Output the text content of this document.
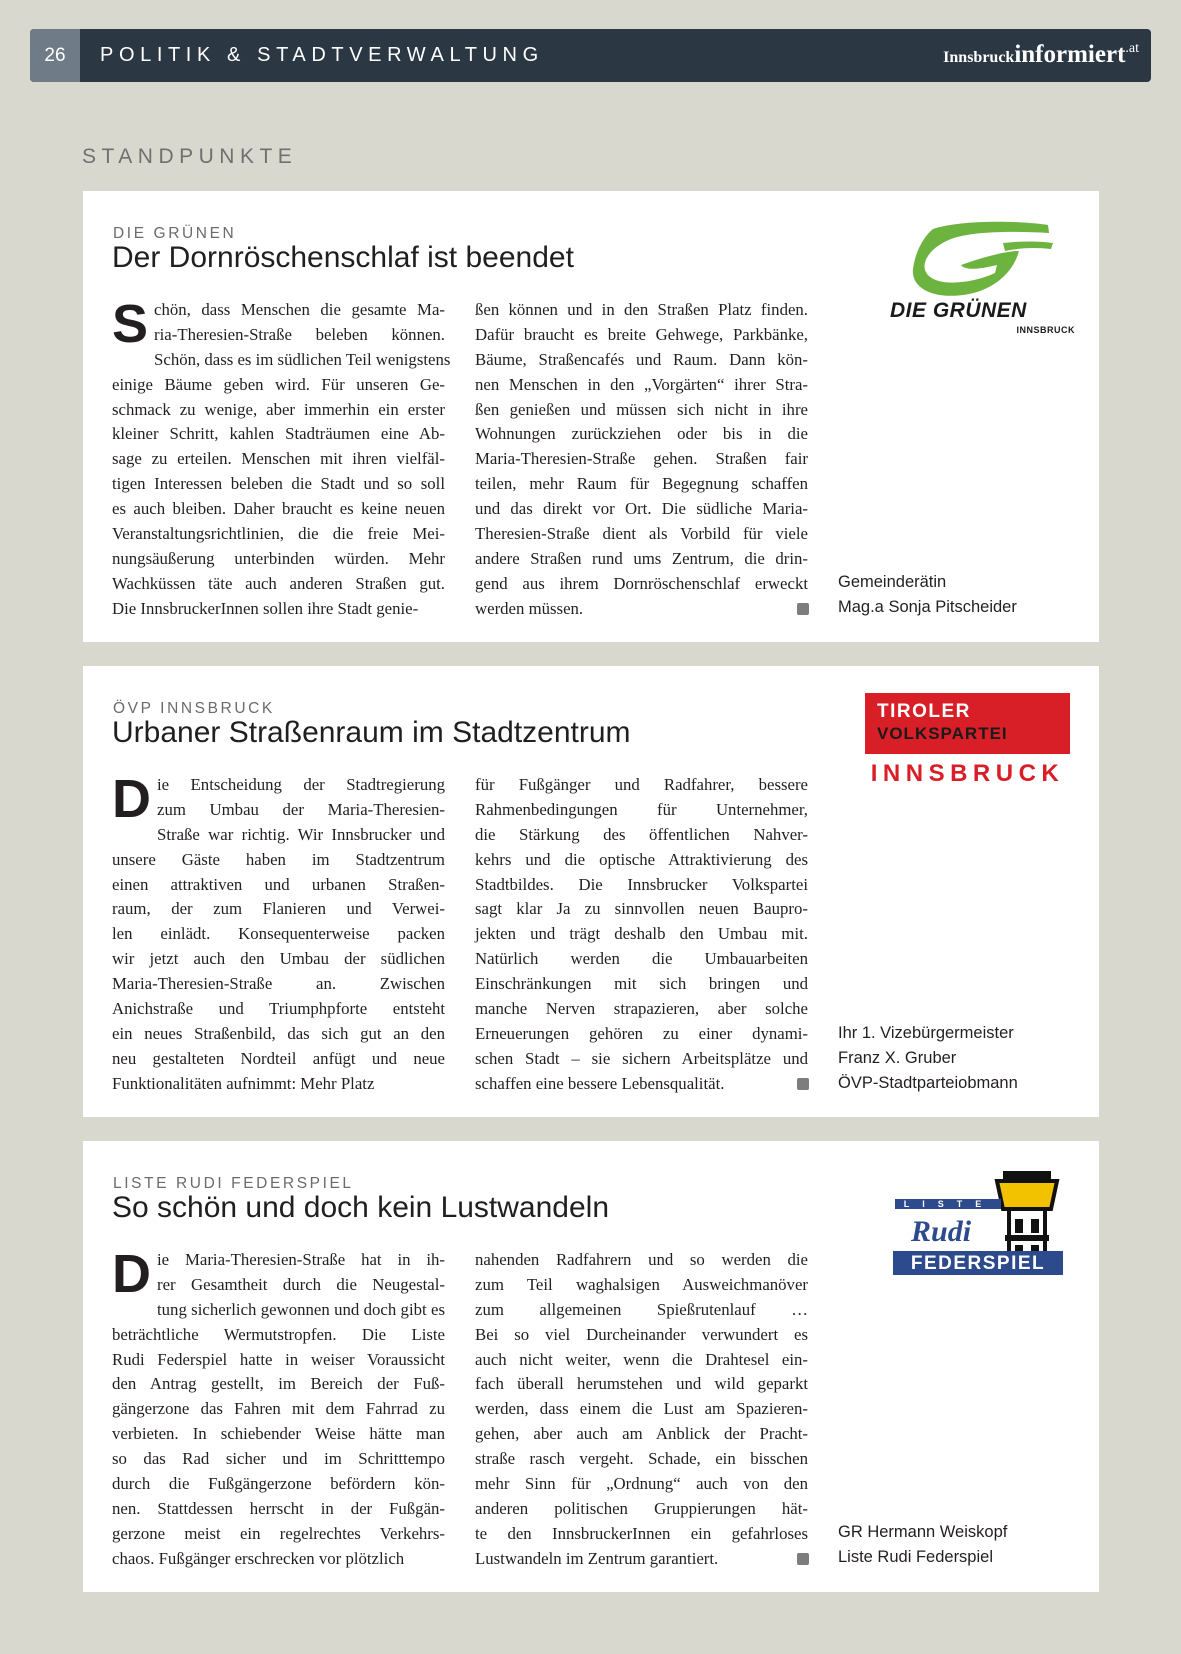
26	POLITIK & STADTVERWALTUNG	Innsbruckinformiert.at
STANDPUNKTE
DIE GRÜNEN
Der Dornröschenschlaf ist beendet
S chön, dass Menschen die gesamte Ma-
ria-Theresien-Straße beleben können.
Schön, dass es im südlichen Teil wenigstens
einige Bäume geben wird. Für unseren Ge-
schmack zu wenige, aber immerhin ein erster
kleiner Schritt, kahlen Stadträumen eine Ab-
sage zu erteilen. Menschen mit ihren vielfäl-
tigen Interessen beleben die Stadt und so soll
es auch bleiben. Daher braucht es keine neuen
Veranstaltungsrichtlinien, die die freie Mei-
nungsäußerung unterbinden würden. Mehr
Wachküssen täte auch anderen Straßen gut.
Die InnsbruckerInnen sollen ihre Stadt genie-
ßen können und in den Straßen Platz finden.
Dafür braucht es breite Gehwege, Parkbänke,
Bäume, Straßencafés und Raum. Dann kön-
nen Menschen in den „Vorgärten“ ihrer Stra-
ßen genießen und müssen sich nicht in ihre
Wohnungen zurückziehen oder bis in die
Maria-Theresien-Straße gehen. Straßen fair
teilen, mehr Raum für Begegnung schaffen
und das direkt vor Ort. Die südliche Maria-
Theresien-Straße dient als Vorbild für viele
andere Straßen rund ums Zentrum, die drin-
gend aus ihrem Dornröschenschlaf erweckt
werden müssen.
Gemeinderätin
Mag.a Sonja Pitscheider
DIE GRÜNEN
INNSBRUCK
ÖVP INNSBRUCK
Urbaner Straßenraum im Stadtzentrum
D ie Entscheidung der Stadtregierung
zum Umbau der Maria-Theresien-
Straße war richtig. Wir Innsbrucker und
unsere Gäste haben im Stadtzentrum
einen attraktiven und urbanen Straßen-
raum, der zum Flanieren und Verwei-
len einlädt. Konsequenterweise packen
wir jetzt auch den Umbau der südlichen
Maria-Theresien-Straße an. Zwischen
Anichstraße und Triumphpforte entsteht
ein neues Straßenbild, das sich gut an den
neu gestalteten Nordteil anfügt und neue
Funktionalitäten aufnimmt: Mehr Platz
für Fußgänger und Radfahrer, bessere
Rahmenbedingungen für Unternehmer,
die Stärkung des öffentlichen Nahver-
kehrs und die optische Attraktivierung des
Stadtbildes. Die Innsbrucker Volkspartei
sagt klar Ja zu sinnvollen neuen Baupro-
jekten und trägt deshalb den Umbau mit.
Natürlich werden die Umbauarbeiten
Einschränkungen mit sich bringen und
manche Nerven strapazieren, aber solche
Erneuerungen gehören zu einer dynami-
schen Stadt – sie sichern Arbeitsplätze und
schaffen eine bessere Lebensqualität.
Ihr 1. Vizebürgermeister
Franz X. Gruber
ÖVP-Stadtparteiobmann
TIROLER
VOLKSPARTEI
INNSBRUCK
LISTE RUDI FEDERSPIEL
So schön und doch kein Lustwandeln
D ie Maria-Theresien-Straße hat in ih-
rer Gesamtheit durch die Neugestal-
tung sicherlich gewonnen und doch gibt es
beträchtliche Wermutstropfen. Die Liste
Rudi Federspiel hatte in weiser Voraussicht
den Antrag gestellt, im Bereich der Fuß-
gängerzone das Fahren mit dem Fahrrad zu
verbieten. In schiebender Weise hätte man
so das Rad sicher und im Schritttempo
durch die Fußgängerzone befördern kön-
nen. Stattdessen herrscht in der Fußgän-
gerzone meist ein regelrechtes Verkehrs-
chaos. Fußgänger erschrecken vor plötzlich
nahenden Radfahrern und so werden die
zum Teil waghalsigen Ausweichmanöver
zum allgemeinen Spießrutenlauf …
Bei so viel Durcheinander verwundert es
auch nicht weiter, wenn die Drahtesel ein-
fach überall herumstehen und wild geparkt
werden, dass einem die Lust am Spazieren-
gehen, aber auch am Anblick der Pracht-
straße rasch vergeht. Schade, ein bisschen
mehr Sinn für „Ordnung“ auch von den
anderen politischen Gruppierungen hät-
te den InnsbruckerInnen ein gefahrloses
Lustwandeln im Zentrum garantiert.
GR Hermann Weiskopf
Liste Rudi Federspiel
LISTE
Rudi
FEDERSPIEL
